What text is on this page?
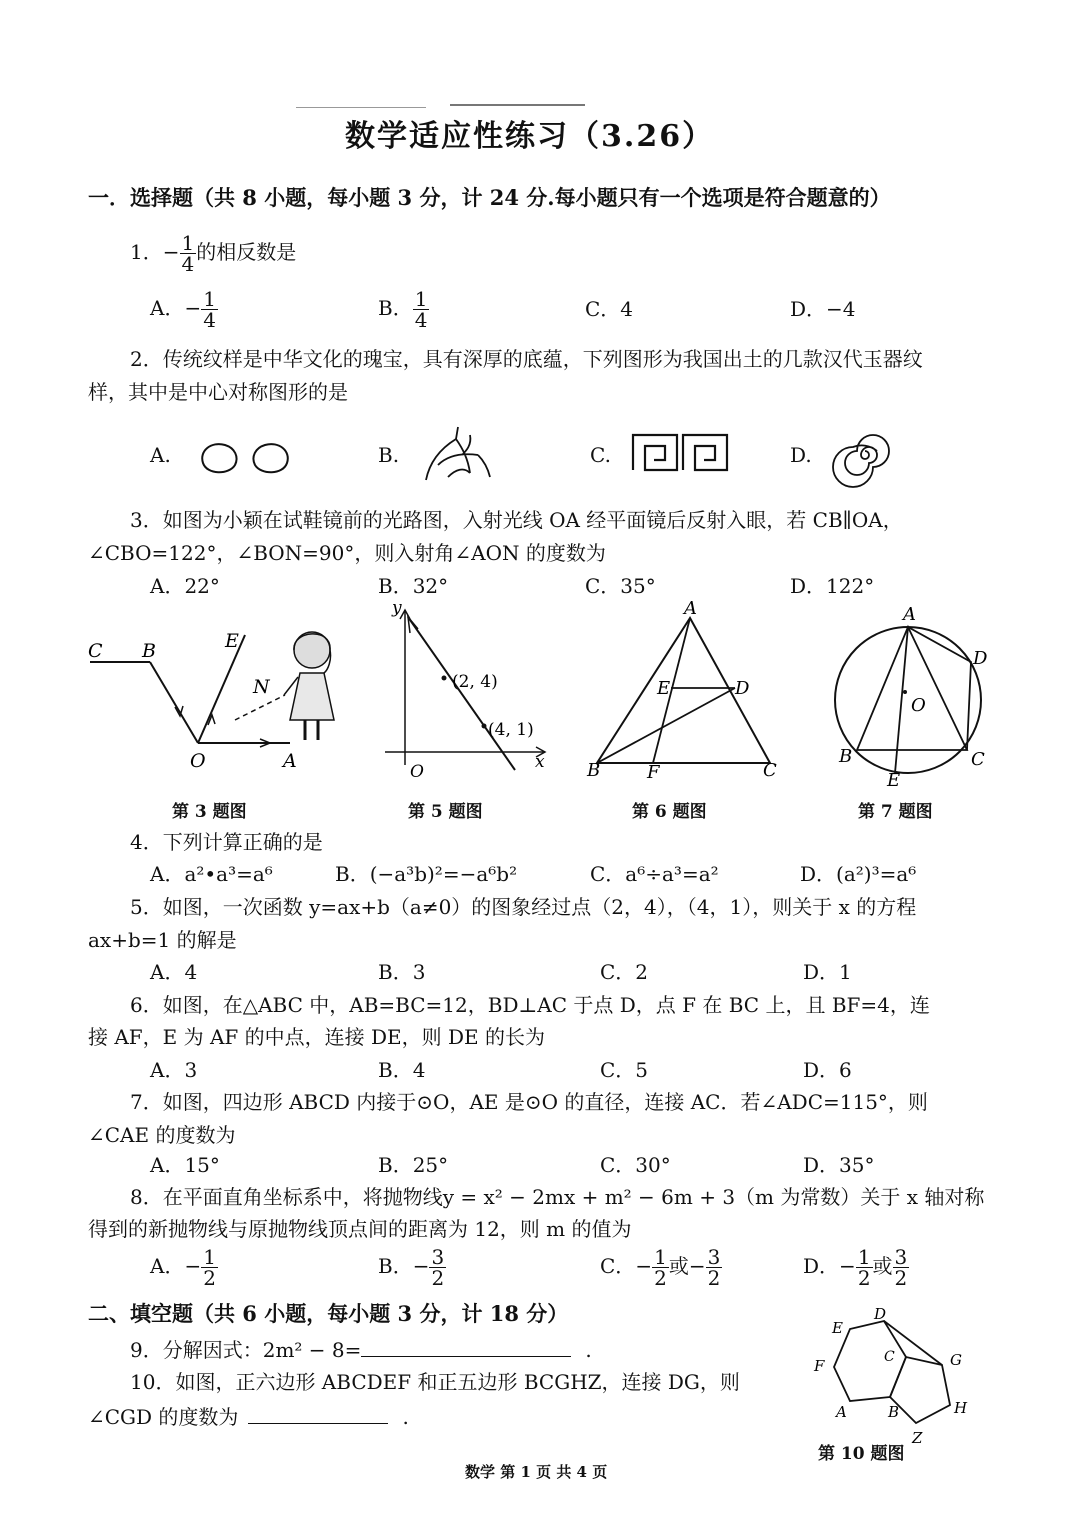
数学适应性练习（3.26）
一．选择题（共 8 小题，每小题 3 分，计 24 分.每小题只有一个选项是符合题意的）
1．− $\frac{1}{4}$ 的相反数是
A．− $\frac{1}{4}$	B． $\frac{1}{4}$	C．4	D．−4
2．传统纹样是中华文化的瑰宝，具有深厚的底蕴，下列图形为我国出土的几款汉代玉器纹
样，其中是中心对称图形的是
A.	B.	C.	D.
3．如图为小颖在试鞋镜前的光路图，入射光线 OA 经平面镜后反射入眼，若 CB∥OA，
∠CBO=122°，∠BON=90°，则入射角∠AON 的度数为
A．22°	B．32°	C．35°	D．122°
C B	E
N
O	A
y
x
O
(2, 4)
(4, 1)
A
B	C
D
E
F
A
B	C
D
E
O
第 3 题图	第 5 题图	第 6 题图	第 7 题图
4．下列计算正确的是
A．a²•a³=a⁶	B．(−a³b)²=−a⁶b²	C．a⁶÷a³=a²	D．(a²)³=a⁶
5．如图，一次函数 y=ax+b（a≠0）的图象经过点（2，4），（4，1），则关于 x 的方程
ax+b=1 的解是
A．4	B．3	C．2	D．1
6．如图，在△ABC 中，AB=BC=12，BD⊥AC 于点 D，点 F 在 BC 上，且 BF=4，连
接 AF，E 为 AF 的中点，连接 DE，则 DE 的长为
A．3	B．4	C．5	D．6
7．如图，四边形 ABCD 内接于⊙O，AE 是⊙O 的直径，连接 AC．若∠ADC=115°，则
∠CAE 的度数为
A．15°	B．25°	C．30°	D．35°
8．在平面直角坐标系中，将抛物线y = x² − 2mx + m² − 6m + 3（m 为常数）关于 x 轴对称
得到的新抛物线与原抛物线顶点间的距离为 12，则 m 的值为
A．− $\frac{1}{2}$	B．− $\frac{3}{2}$	C．− $\frac{1}{2}$ 或− $\frac{3}{2}$	D．− $\frac{1}{2}$ 或 $\frac{3}{2}$
二、填空题（共 6 小题，每小题 3 分，计 18 分）
9．分解因式：2m² − 8=	.
10．如图，正六边形 ABCDEF 和正五边形 BCGHZ，连接 DG，则
∠CGD 的度数为	.
E
D
F
A	B
C	G
H
Z
第 10 题图
数学 第 1 页 共 4 页
